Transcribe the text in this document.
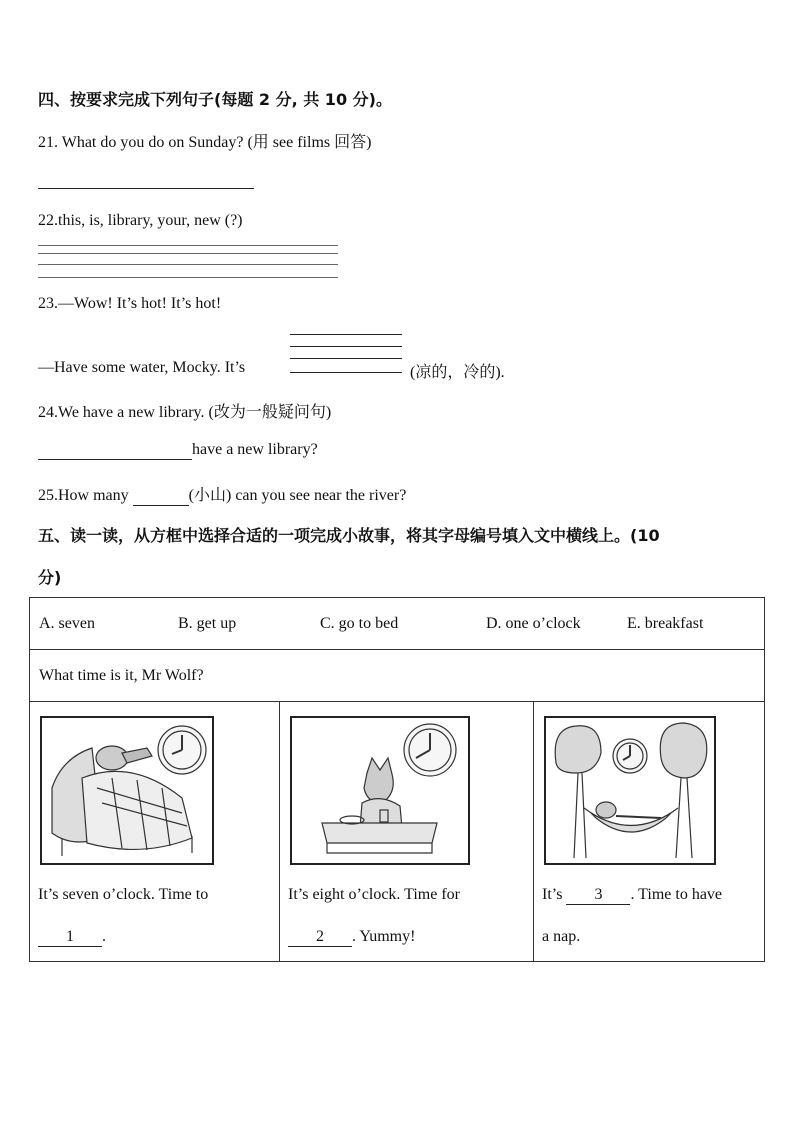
四、按要求完成下列句子(每题 2 分, 共 10 分)。
21. What do you do on Sunday? (用 see films 回答)
22.this, is, library, your, new (?)
23.—Wow! It’s hot! It’s hot!
—Have some water, Mocky. It’s	(凉的，冷的).
24.We have a new library. (改为一般疑问句)
have a new library?
25.How many	(小山) can you see near the river?
五、读一读，从方框中选择合适的一项完成小故事，将其字母编号填入文中横线上。(10
分)
A. seven	B. get up	C. go to bed	D. one o’clock	E. breakfast

What time is it, Mr Wolf?

It’s seven o’clock. Time to
1 .

It’s eight o’clock. Time for
2 . Yummy!

It’s 3 . Time to have
a nap.
